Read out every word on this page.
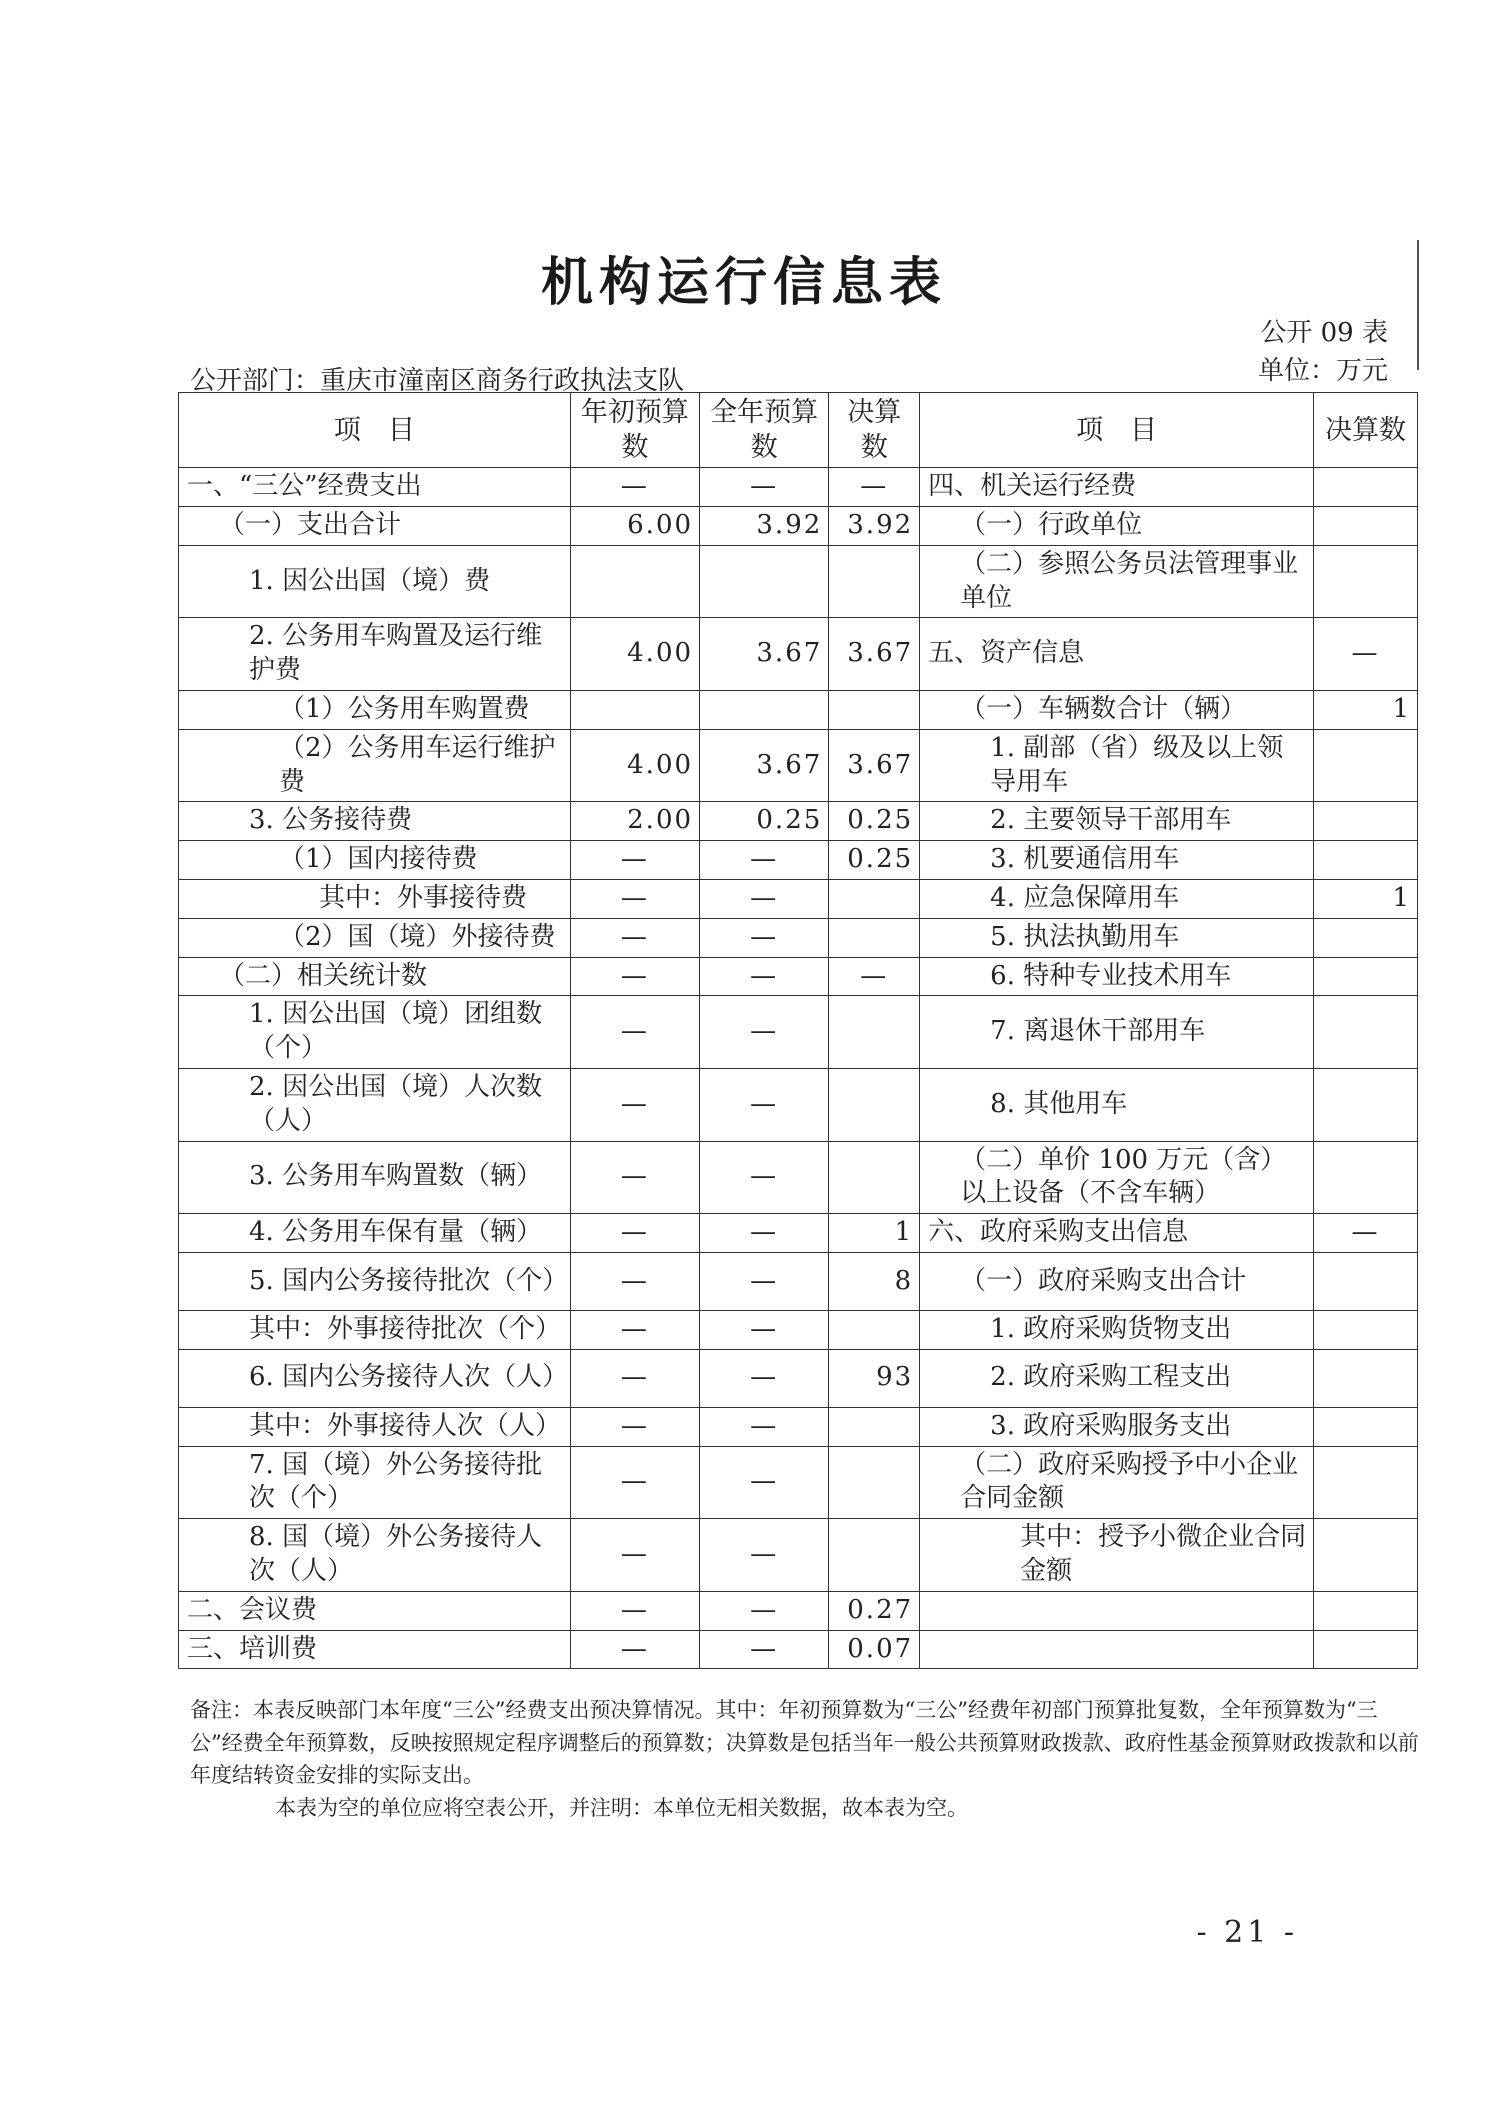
机构运行信息表
公开 09 表
单位：万元
公开部门：重庆市潼南区商务行政执法支队
项　目	年初预算数	全年预算数	决算数	项　目	决算数
一、“三公”经费支出	—	—	—	四、机关运行经费	
（一）支出合计	6.00	3.92	3.92	（一）行政单位	
1. 因公出国（境）费				（二）参照公务员法管理事业单位	
2. 公务用车购置及运行维护费	4.00	3.67	3.67	五、资产信息	—
（1）公务用车购置费				（一）车辆数合计（辆）	1
（2）公务用车运行维护费	4.00	3.67	3.67	1. 副部（省）级及以上领导用车	
3. 公务接待费	2.00	0.25	0.25	2. 主要领导干部用车	
（1）国内接待费	—	—	0.25	3. 机要通信用车	
其中：外事接待费	—	—		4. 应急保障用车	1
（2）国（境）外接待费	—	—		5. 执法执勤用车	
（二）相关统计数	—	—	—	6. 特种专业技术用车	
1. 因公出国（境）团组数（个）	—	—		7. 离退休干部用车	
2. 因公出国（境）人次数（人）	—	—		8. 其他用车	
3. 公务用车购置数（辆）	—	—		（二）单价 100 万元（含）以上设备（不含车辆）	
4. 公务用车保有量（辆）	—	—	1	六、政府采购支出信息	—
5. 国内公务接待批次（个）	—	—	8	（一）政府采购支出合计	
其中：外事接待批次（个）	—	—		1. 政府采购货物支出	
6. 国内公务接待人次（人）	—	—	93	2. 政府采购工程支出	
其中：外事接待人次（人）	—	—		3. 政府采购服务支出	
7. 国（境）外公务接待批次（个）	—	—		（二）政府采购授予中小企业合同金额	
8. 国（境）外公务接待人次（人）	—	—		其中：授予小微企业合同金额	
二、会议费	—	—	0.27		
三、培训费	—	—	0.07		
备注：本表反映部门本年度“三公”经费支出预决算情况。其中：年初预算数为“三公”经费年初部门预算批复数，全年预算数为“三公”经费全年预算数，反映按照规定程序调整后的预算数；决算数是包括当年一般公共预算财政拨款、政府性基金预算财政拨款和以前年度结转资金安排的实际支出。
本表为空的单位应将空表公开，并注明：本单位无相关数据，故本表为空。
- 21 -
